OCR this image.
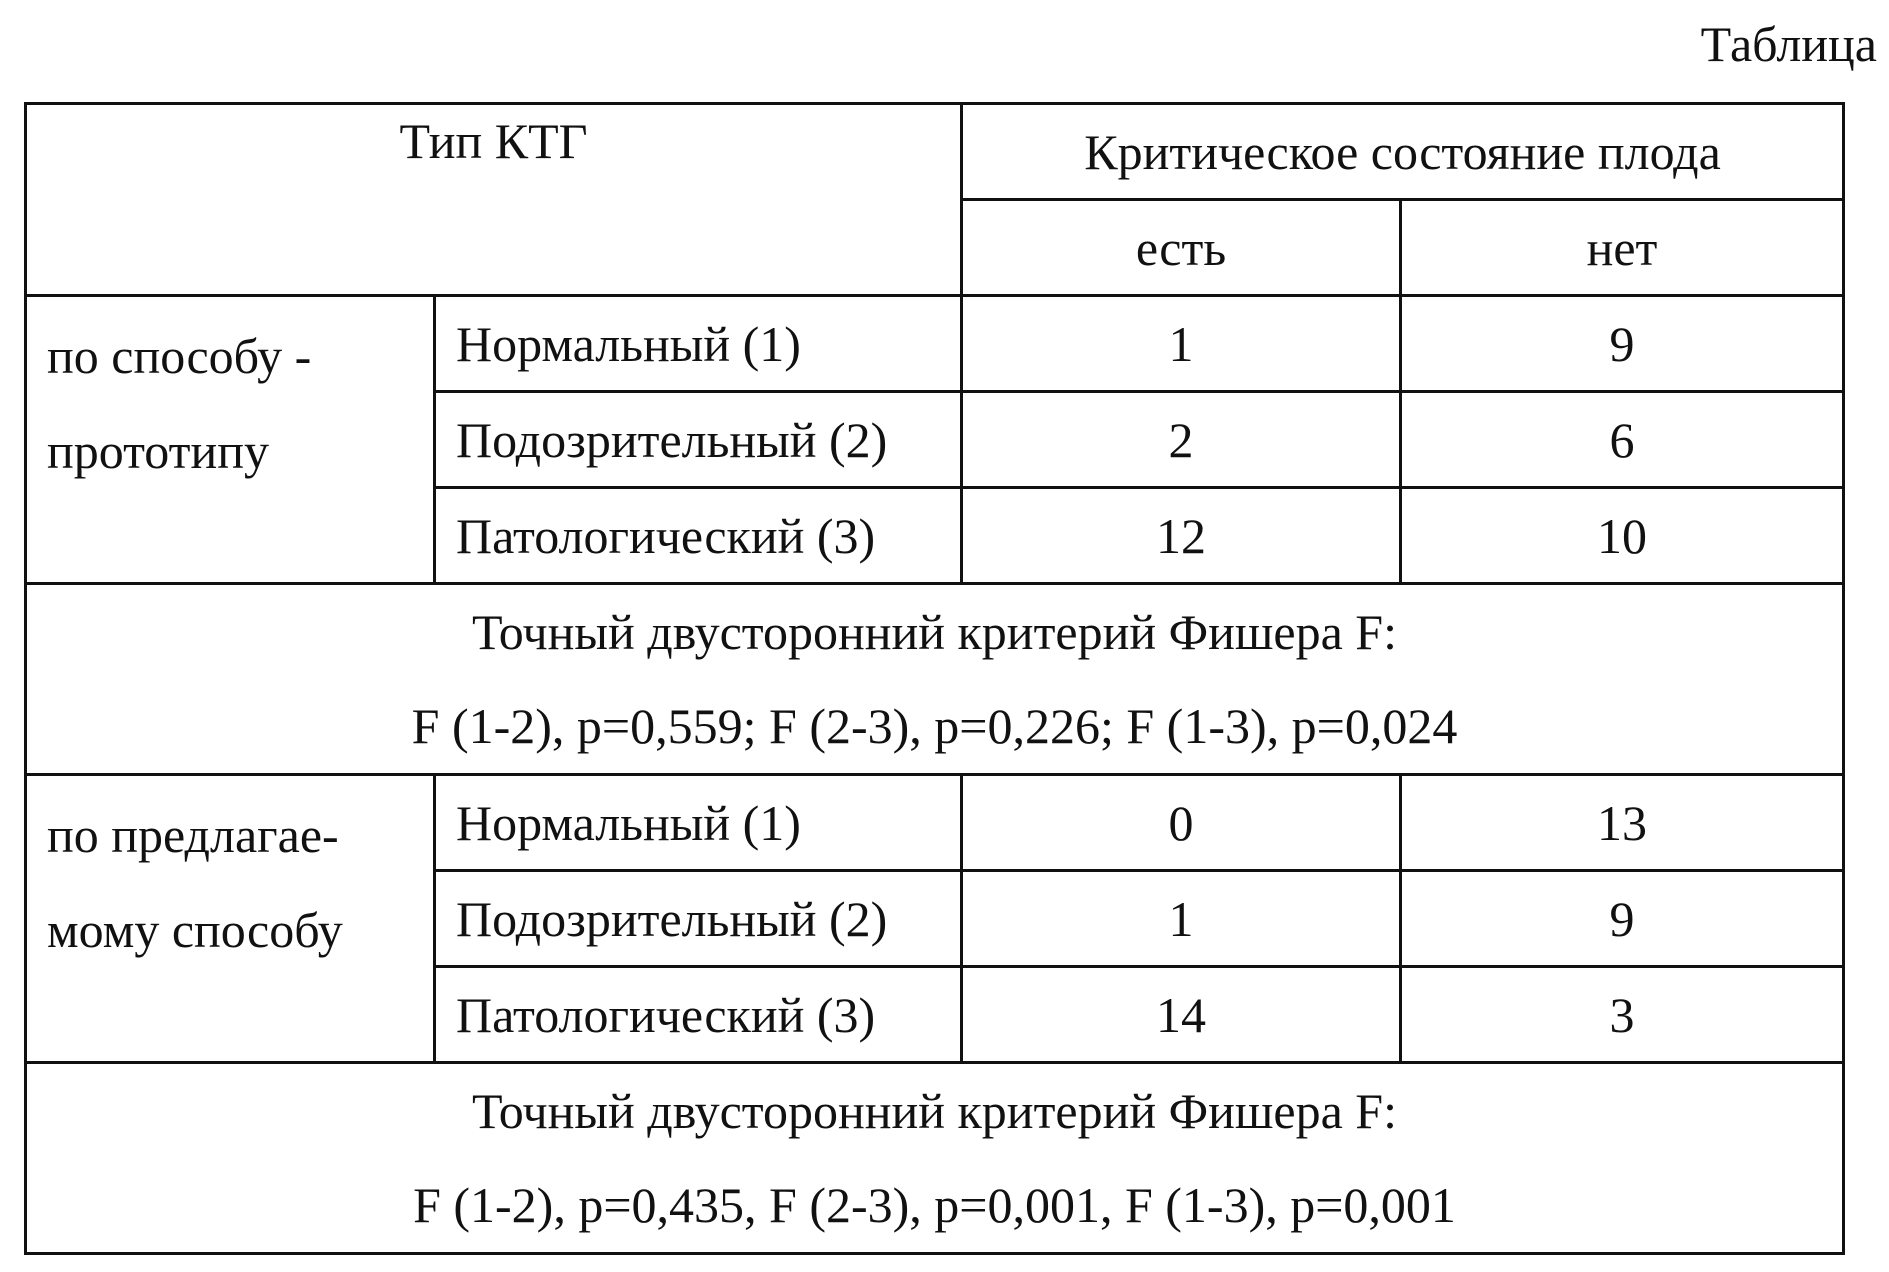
Таблица
Тип КТГ		Критическое состояние плода	
		есть	нет

по способу -
прототипу	Нормальный (1)	1	9
	Подозрительный (2)	2	6
	Патологический (3)	12	10

Точный двусторонний критерий Фишера F:
F (1-2), p=0,559; F (2-3), p=0,226; F (1-3), p=0,024			

по предлагае-
мому способу	Нормальный (1)	0	13
	Подозрительный (2)	1	9
	Патологический (3)	14	3

Точный двусторонний критерий Фишера F:
F (1-2), p=0,435, F (2-3), p=0,001, F (1-3), p=0,001			
